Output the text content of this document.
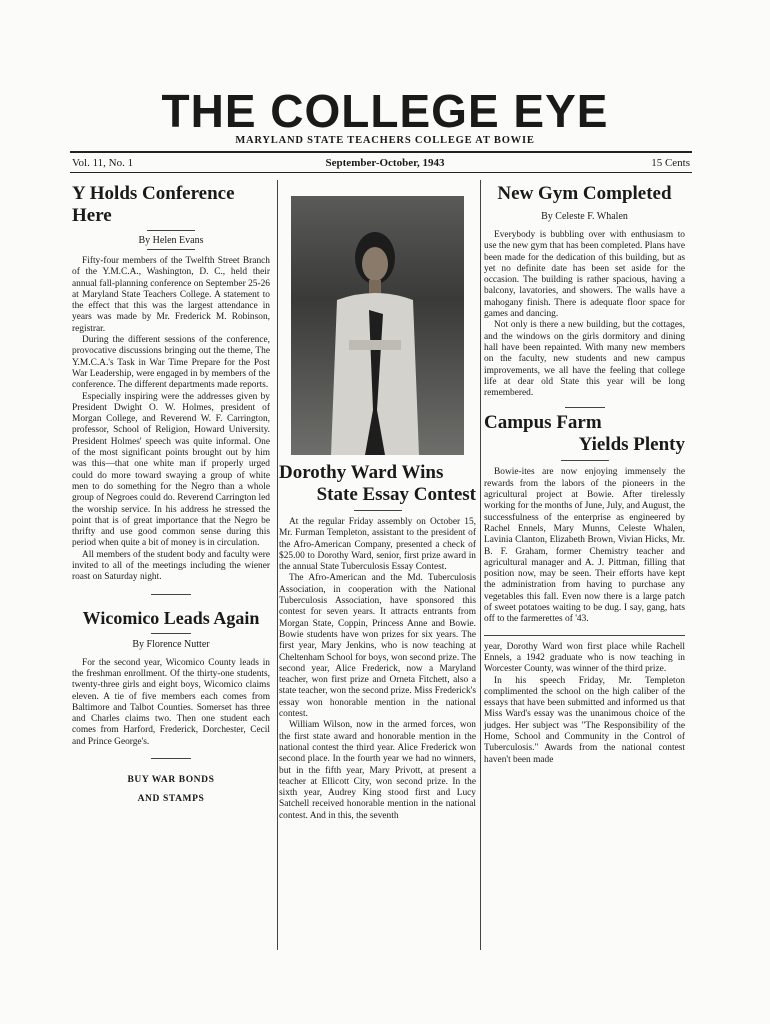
THE COLLEGE EYE
MARYLAND STATE TEACHERS COLLEGE AT BOWIE
Vol. 11, No. 1	September-October, 1943	15 Cents
Y Holds Conference Here
By Helen Evans

Fifty-four members of the Twelfth Street Branch of the Y.M.C.A., Washington, D. C., held their annual fall-planning conference on September 25-26 at Maryland State Teachers College. A statement to the effect that this was the largest attendance in years was made by Mr. Frederick M. Robinson, registrar.

During the different sessions of the conference, provocative discussions bringing out the theme, The Y.M.C.A.'s Task in War Time Prepare for the Post War Leadership, were engaged in by members of the conference. The different departments made reports.

Especially inspiring were the addresses given by President Dwight O. W. Holmes, president of Morgan College, and Reverend W. F. Carrington, professor, School of Religion, Howard University. President Holmes' speech was quite informal. One of the most significant points brought out by him was this—that one white man if properly urged could do more toward swaying a group of white men to do something for the Negro than a whole group of Negroes could do. Reverend Carrington led the worship service. In his address he stressed the point that is of great importance that the Negro be thrifty and use good common sense during this period when quite a bit of money is in circulation.

All members of the student body and faculty were invited to all of the meetings including the wiener roast on Saturday night.

Wicomico Leads Again
By Florence Nutter

For the second year, Wicomico County leads in the freshman enrollment. Of the thirty-one students, twenty-three girls and eight boys, Wicomico claims eleven. A tie of five members each comes from Baltimore and Talbot Counties. Somerset has three and Charles claims two. Then one student each comes from Harford, Frederick, Dorchester, Cecil and Prince George's.

BUY WAR BONDS
AND STAMPS
Dorothy Ward Wins
State Essay Contest

At the regular Friday assembly on October 15, Mr. Furman Templeton, assistant to the president of the Afro-American Company, presented a check of $25.00 to Dorothy Ward, senior, first prize award in the annual State Tuberculosis Essay Contest.

The Afro-American and the Md. Tuberculosis Association, in cooperation with the National Tuberculosis Association, have sponsored this contest for seven years. It attracts entrants from Morgan State, Coppin, Princess Anne and Bowie. Bowie students have won prizes for six years. The first year, Mary Jenkins, who is now teaching at Cheltenham School for boys, won second prize. The second year, Alice Frederick, now a Maryland teacher, won first prize and Orneta Fitchett, also a state teacher, won the second prize. Miss Frederick's essay won honorable mention in the national contest.

William Wilson, now in the armed forces, won the first state award and honorable mention in the national contest the third year. Alice Frederick won second place. In the fourth year we had no winners, but in the fifth year, Mary Privott, at present a teacher at Ellicott City, won second prize. In the sixth year, Audrey King stood first and Lucy Satchell received honorable mention in the national contest. And in this, the seventh

New Gym Completed
By Celeste F. Whalen

Everybody is bubbling over with enthusiasm to use the new gym that has been completed. Plans have been made for the dedication of this building, but as yet no definite date has been set aside for the occasion. The building is rather spacious, having a balcony, lavatories, and showers. The walls have a mahogany finish. There is adequate floor space for games and dancing.

Not only is there a new building, but the cottages, and the windows on the girls dormitory and dining hall have been repainted. With many new members on the faculty, new students and new campus improvements, we all have the feeling that college life at dear old State this year will be long remembered.

Campus Farm
Yields Plenty

Bowie-ites are now enjoying immensely the rewards from the labors of the pioneers in the agricultural project at Bowie. After tirelessly working for the months of June, July, and August, the successfulness of the enterprise as engineered by Rachel Ennels, Mary Munns, Celeste Whalen, Lavinia Clanton, Elizabeth Brown, Vivian Hicks, Mr. B. F. Graham, former Chemistry teacher and agricultural manager and A. J. Pittman, filling that position now, may be seen. Their efforts have kept the administration from having to purchase any vegetables this fall. Even now there is a large patch of sweet potatoes waiting to be dug. I say, gang, hats off to the farmerettes of '43.

year, Dorothy Ward won first place while Rachell Ennels, a 1942 graduate who is now teaching in Worcester County, was winner of the third prize.

In his speech Friday, Mr. Templeton complimented the school on the high caliber of the essays that have been submitted and informed us that Miss Ward's essay was the unanimous choice of the judges. Her subject was "The Responsibility of the Home, School and Community in the Control of Tuberculosis." Awards from the national contest haven't been made
